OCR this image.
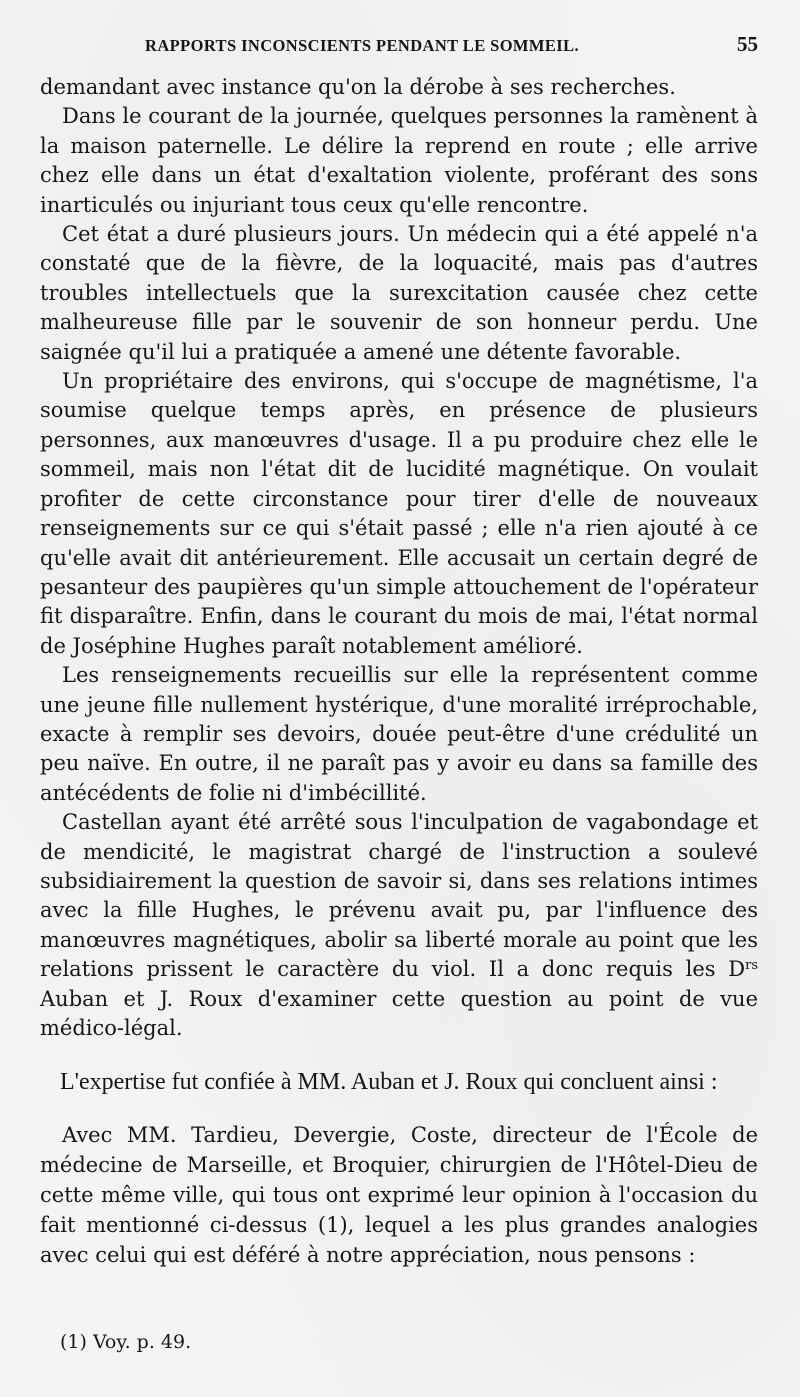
RAPPORTS INCONSCIENTS PENDANT LE SOMMEIL.	55

demandant avec instance qu'on la dérobe à ses recherches.

Dans le courant de la journée, quelques personnes la ramènent à la maison paternelle. Le délire la reprend en route ; elle arrive chez elle dans un état d'exaltation violente, proférant des sons inarticulés ou injuriant tous ceux qu'elle rencontre.

Cet état a duré plusieurs jours. Un médecin qui a été appelé n'a constaté que de la fièvre, de la loquacité, mais pas d'autres troubles intellectuels que la surexcitation causée chez cette malheureuse fille par le souvenir de son honneur perdu. Une saignée qu'il lui a pratiquée a amené une détente favorable.

Un propriétaire des environs, qui s'occupe de magnétisme, l'a soumise quelque temps après, en présence de plusieurs personnes, aux manœuvres d'usage. Il a pu produire chez elle le sommeil, mais non l'état dit de lucidité magnétique. On voulait profiter de cette circonstance pour tirer d'elle de nouveaux renseignements sur ce qui s'était passé ; elle n'a rien ajouté à ce qu'elle avait dit antérieurement. Elle accusait un certain degré de pesanteur des paupières qu'un simple attouchement de l'opérateur fit disparaître. Enfin, dans le courant du mois de mai, l'état normal de Joséphine Hughes paraît notablement amélioré.

Les renseignements recueillis sur elle la représentent comme une jeune fille nullement hystérique, d'une moralité irréprochable, exacte à remplir ses devoirs, douée peut-être d'une crédulité un peu naïve. En outre, il ne paraît pas y avoir eu dans sa famille des antécédents de folie ni d'imbécillité.

Castellan ayant été arrêté sous l'inculpation de vagabondage et de mendicité, le magistrat chargé de l'instruction a soulevé subsidiairement la question de savoir si, dans ses relations intimes avec la fille Hughes, le prévenu avait pu, par l'influence des manœuvres magnétiques, abolir sa liberté morale au point que les relations prissent le caractère du viol. Il a donc requis les $D^{rs}$ Auban et J. Roux d'examiner cette question au point de vue médico-légal.

L'expertise fut confiée à MM. Auban et J. Roux qui concluent ainsi :

Avec MM. Tardieu, Devergie, Coste, directeur de l'École de médecine de Marseille, et Broquier, chirurgien de l'Hôtel-Dieu de cette même ville, qui tous ont exprimé leur opinion à l'occasion du fait mentionné ci-dessus (1), lequel a les plus grandes analogies avec celui qui est déféré à notre appréciation, nous pensons :

(1) Voy. p. 49.
